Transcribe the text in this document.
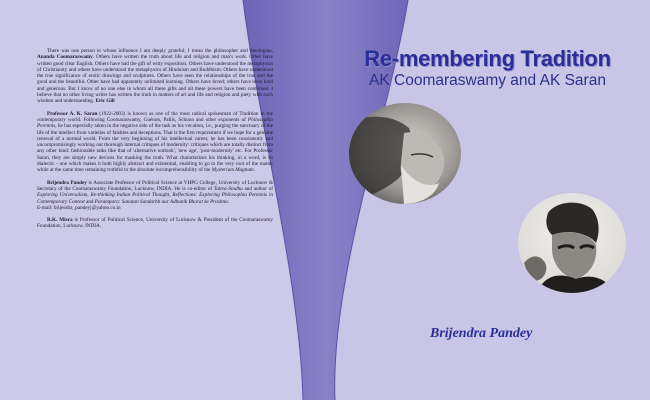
There was one person to whose influence I am deeply grateful; I mean the philosopher and theologian, Ananda Coomaraswamy. Others have written the truth about life and religion and man's work. Other have written good clear English. Others have had the gift of witty exposition. Others have understood the metaphysics of Christianity and others have understood the metaphysics of Hinduism and Buddhism. Others have understood the true significance of erotic drawings and sculptures. Others have seen the relationships of the true and the good and the beautiful. Other have had apparently unlimited learning. Others have loved; others have been kind and generous. But I know of no one else in whom all these gifts and all these powers have been combined. I believe that no other living writer has written the truth in matters of art and life and religion and piety with such wisdom and understanding. Eric Gill

Professor A. K. Saran (1922-2003) is known as one of the most radical spokesman of Tradition in the contemporary world. Following Coomaraswamy, Guénon, Pallis, Schuon and other exponents of Philosophia Perennis, he has especially taken in the negative side of the task as his vocation, i.e., purging the sanctuary of the life of the intellect from varieties of falsities and deceptions. That is the first requirement if we hope for a genuine renewal of a normal world. From the very beginning of his intellectual career, he has been consistently and uncompromisingly working out thorough internal critiques of modernity: critiques which are totally distinct from any other kind: fashionable talks like that of 'alternative outlook', 'new age', 'post-modernity' etc. For Professor Saran, they are simply new devices for masking the truth. What characterizes his thinking, in a word, is its dialectic - one which makes it both highly abstract and existential, enabling to go to the very root of the matter while at the same time remaining truthful to the absolute incomprehensibility of the Mysterium Magnum.

Brijendra Pandey is Associate Professor of Political Science at VHPG College, University of Lucknow & Secretary of the Coomaraswamy Foundation, Lucknow, INDIA. He is co-editor of Tattva-Sindhu and author of Exploring Universalism, Re-thinking Indian Political Thought, Reflections: Exploring Philosophia Perennis in Contemporary Context and Parampara: Sanatan Sandarbh aur Adhunik Bharat ke Prashna.
E-mail: brijendra_pandeyj@yahoo.co.in

R.K. Misra is Professor of Political Science, University of Lucknow & President of the Coomaraswamy Foundation, Lucknow, INDIA.

Re-membering Tradition
AK Coomaraswamy and AK Saran
Brijendra Pandey
